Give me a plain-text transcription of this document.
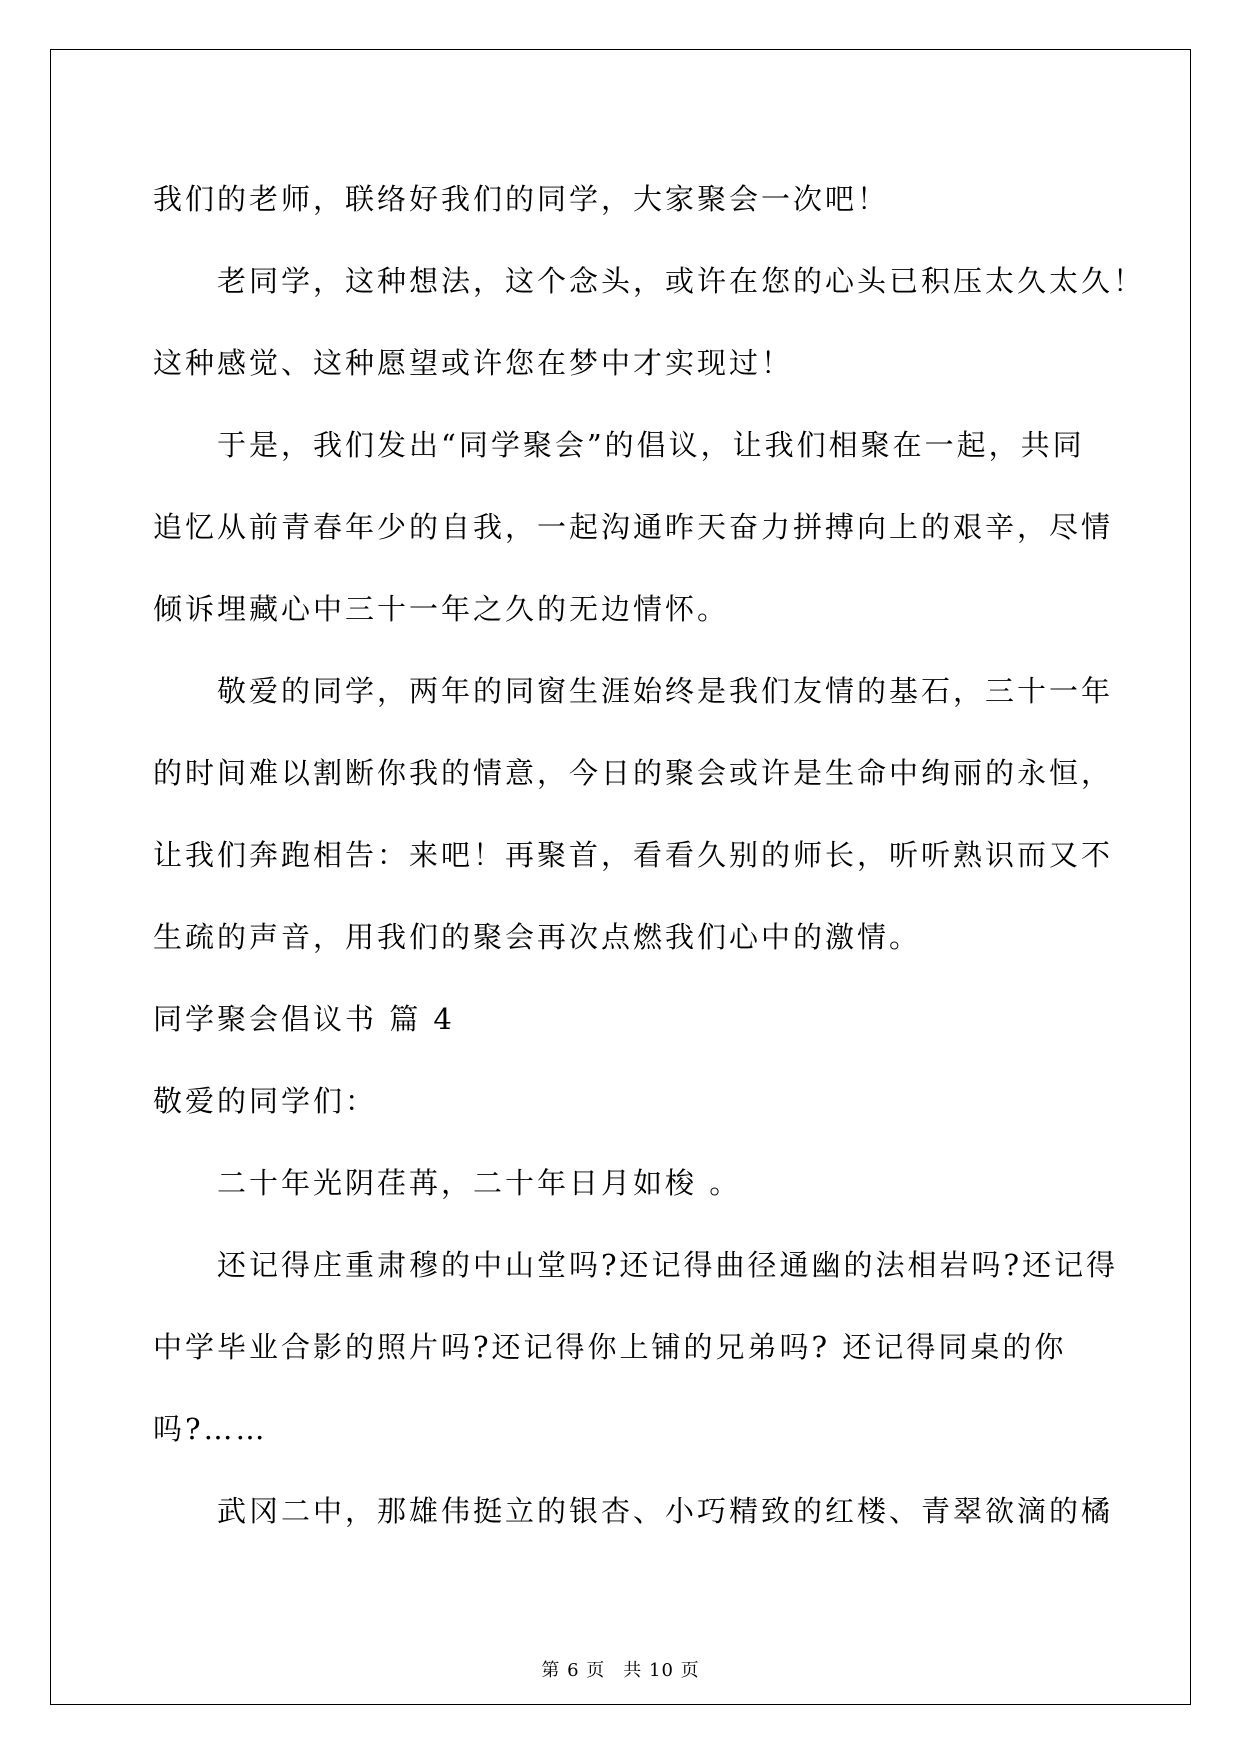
我们的老师，联络好我们的同学，大家聚会一次吧！
老同学，这种想法，这个念头，或许在您的心头已积压太久太久！
这种感觉、这种愿望或许您在梦中才实现过！
于是，我们发出“同学聚会”的倡议，让我们相聚在一起，共同
追忆从前青春年少的自我，一起沟通昨天奋力拼搏向上的艰辛，尽情
倾诉埋藏心中三十一年之久的无边情怀。
敬爱的同学，两年的同窗生涯始终是我们友情的基石，三十一年
的时间难以割断你我的情意，今日的聚会或许是生命中绚丽的永恒，
让我们奔跑相告：来吧！再聚首，看看久别的师长，听听熟识而又不
生疏的声音，用我们的聚会再次点燃我们心中的激情。
同学聚会倡议书 篇 4
敬爱的同学们：
二十年光阴荏苒，二十年日月如梭 。
还记得庄重肃穆的中山堂吗?还记得曲径通幽的法相岩吗?还记得
中学毕业合影的照片吗?还记得你上铺的兄弟吗? 还记得同桌的你
吗?……
武冈二中，那雄伟挺立的银杏、小巧精致的红楼、青翠欲滴的橘
第 6 页 共 10 页
